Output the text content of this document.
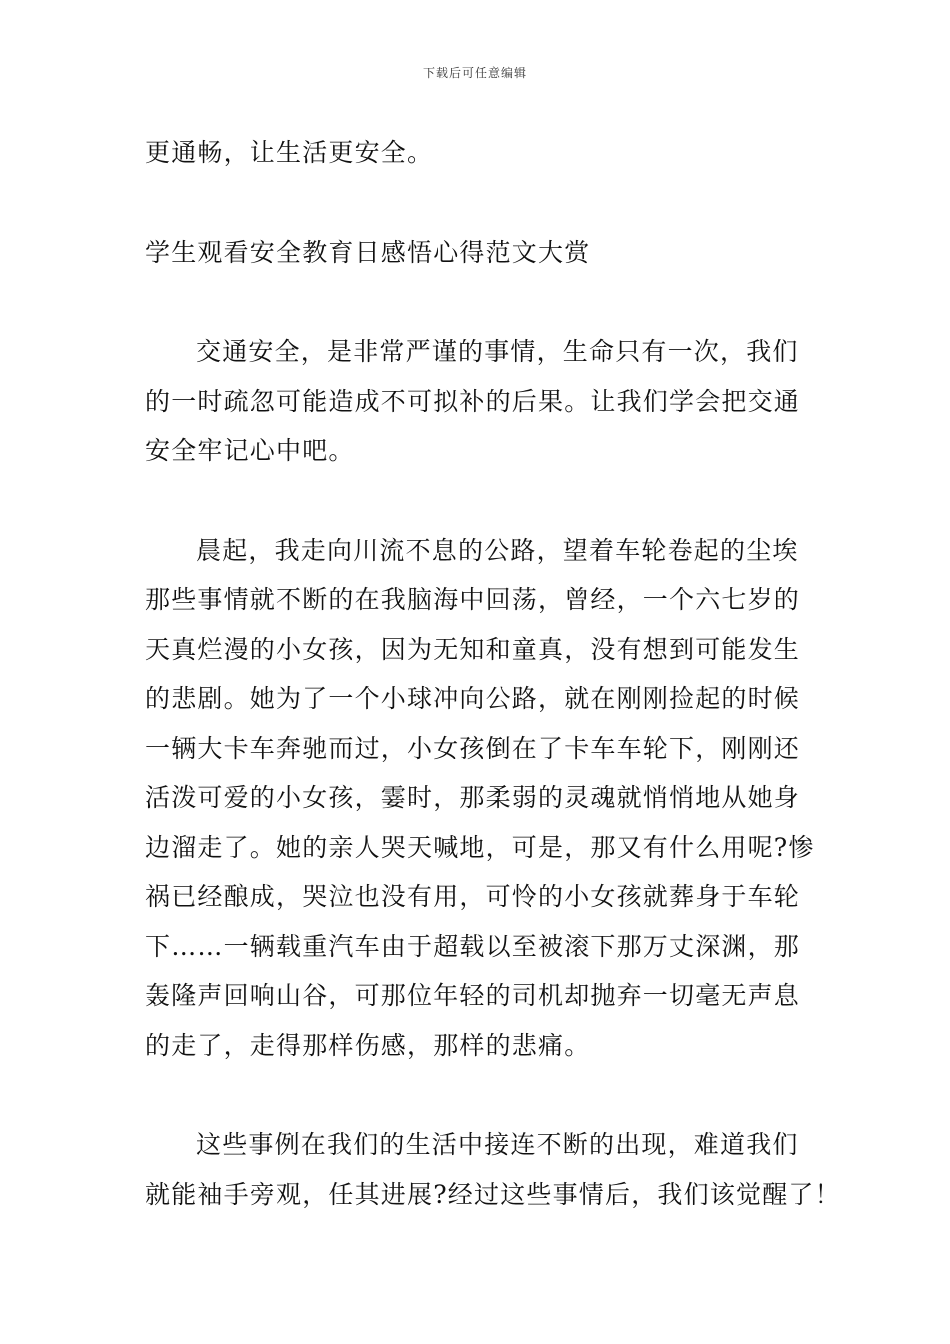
下载后可任意编辑
更通畅，让生活更安全。
学生观看安全教育日感悟心得范文大赏
交通安全，是非常严谨的事情，生命只有一次，我们
的一时疏忽可能造成不可拟补的后果。让我们学会把交通
安全牢记心中吧。
晨起，我走向川流不息的公路，望着车轮卷起的尘埃
那些事情就不断的在我脑海中回荡，曾经，一个六七岁的
天真烂漫的小女孩，因为无知和童真，没有想到可能发生
的悲剧。她为了一个小球冲向公路，就在刚刚捡起的时候
一辆大卡车奔驰而过，小女孩倒在了卡车车轮下，刚刚还
活泼可爱的小女孩，霎时，那柔弱的灵魂就悄悄地从她身
边溜走了。她的亲人哭天喊地，可是，那又有什么用呢?惨
祸已经酿成，哭泣也没有用，可怜的小女孩就葬身于车轮
下……一辆载重汽车由于超载以至被滚下那万丈深渊，那
轰隆声回响山谷，可那位年轻的司机却抛弃一切毫无声息
的走了，走得那样伤感，那样的悲痛。
这些事例在我们的生活中接连不断的出现，难道我们
就能袖手旁观，任其进展?经过这些事情后，我们该觉醒了！
